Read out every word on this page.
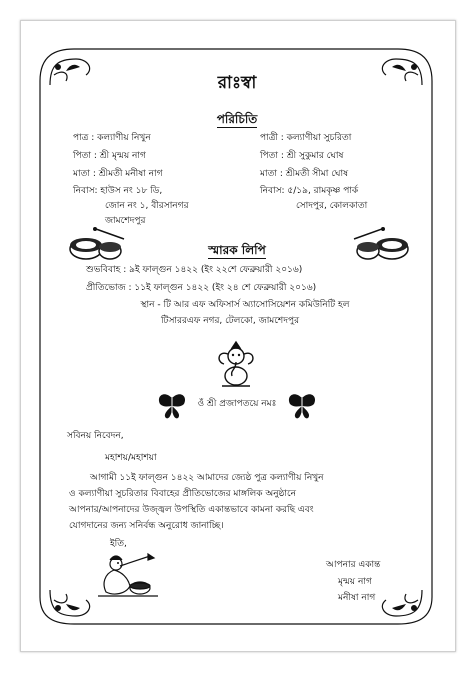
রাঃস্বা
পরিচিতি
পাত্র : কল্যাণীয় নিখুন
পিতা : শ্রী মৃন্ময় নাগ
মাতা : শ্রীমতী মনীষা নাগ
নিবাস: হাউস নং ১৮ ডি,
জোন নং ১, বীরসানগর
জামশেদপুর
পাত্রী : কল্যাণীয়া সুচরিতা
পিতা : শ্রী সুকুমার ঘোষ
মাতা : শ্রীমতী সীমা ঘোষ
নিবাস: ৫/১৯, রামকৃষ্ণ পার্ক
সোদপুর, কোলকাতা
স্মারক লিপি
শুভবিবাহ : ৯ই ফাল্গুন ১৪২২ (ইং ২২শে ফেব্রুয়ারী ২০১৬)
প্রীতিভোজ : ১১ই ফাল্গুন ১৪২২ (ইং ২৪ শে ফেব্রুয়ারী ২০১৬)
স্থান - টি আর এফ অফিসার্স অ্যাসোসিয়েশন কমিউনিটি হল
টিসাররএফ নগর, টেলকো, জামশেদপুর
ওঁ শ্রী প্রজাপতয়ে নমঃ
সবিনয় নিবেদন,
মহাশয়/মহাশয়া
আগামী ১১ই ফাল্গুন ১৪২২ আমাদের জ্যেষ্ঠ পুত্র কল্যাণীয় নিখুন
ও কল্যাণীয়া সুচরিতার বিবাহের প্রীতিভোজের মাঙ্গলিক অনুষ্ঠানে
আপনার/আপনাদের উজ্জ্বল উপস্থিতি একান্তভাবে কামনা করছি এবং
যোগদানের জন্য সনির্বন্ধ অনুরোধ জানাচ্ছি।
ইতি,
আপনার একান্ত
মৃন্ময় নাগ
মনীষা নাগ
